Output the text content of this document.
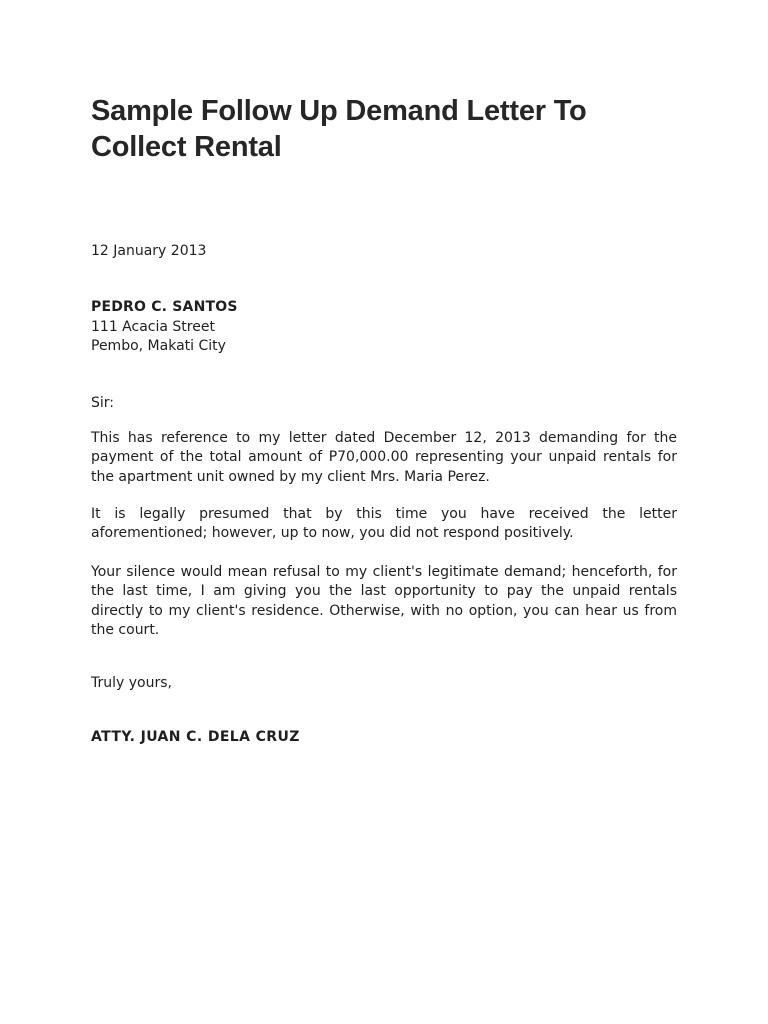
Sample Follow Up Demand Letter To Collect Rental
12 January 2013
PEDRO C. SANTOS
111 Acacia Street
Pembo, Makati City
Sir:

This has reference to my letter dated December 12, 2013 demanding for the payment of the total amount of P70,000.00 representing your unpaid rentals for the apartment unit owned by my client Mrs. Maria Perez.

It is legally presumed that by this time you have received the letter aforementioned; however, up to now, you did not respond positively.

Your silence would mean refusal to my client's legitimate demand; henceforth, for the last time, I am giving you the last opportunity to pay the unpaid rentals directly to my client's residence. Otherwise, with no option, you can hear us from the court.

Truly yours,
ATTY. JUAN C. DELA CRUZ
